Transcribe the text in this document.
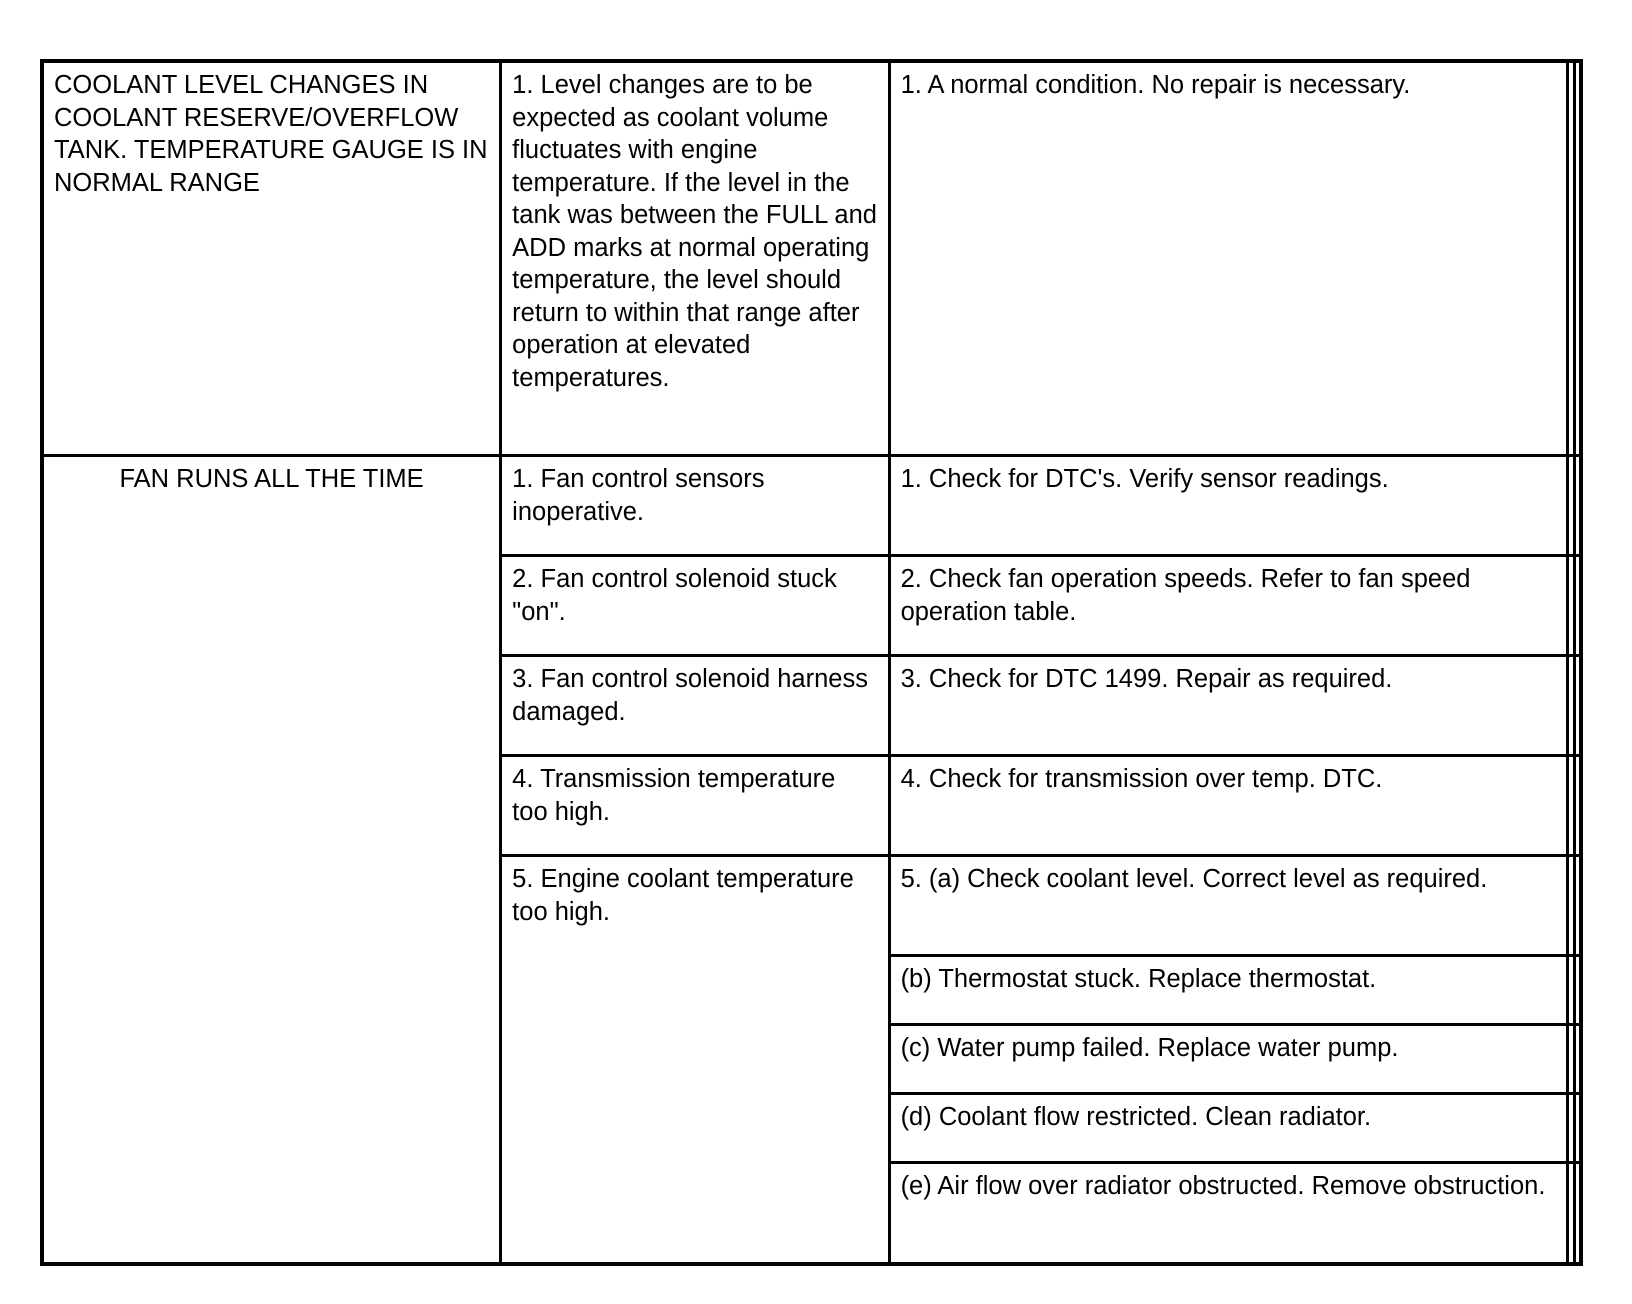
COOLANT LEVEL CHANGES IN COOLANT RESERVE/OVERFLOW TANK. TEMPERATURE GAUGE IS IN NORMAL RANGE	1. Level changes are to be expected as coolant volume fluctuates with engine temperature. If the level in the tank was between the FULL and ADD marks at normal operating temperature, the level should return to within that range after operation at elevated temperatures.	1. A normal condition. No repair is necessary.		
FAN RUNS ALL THE TIME	1. Fan control sensors inoperative.	1. Check for DTC's. Verify sensor readings.		
	2. Fan control solenoid stuck "on".	2. Check fan operation speeds. Refer to fan speed operation table.		
	3. Fan control solenoid harness damaged.	3. Check for DTC 1499. Repair as required.		
	4. Transmission temperature too high.	4. Check for transmission over temp. DTC.		
	5. Engine coolant temperature too high.	5. (a) Check coolant level. Correct level as required.		
		(b) Thermostat stuck. Replace thermostat.		
		(c) Water pump failed. Replace water pump.		
		(d) Coolant flow restricted. Clean radiator.		
		(e) Air flow over radiator obstructed. Remove obstruction.		
